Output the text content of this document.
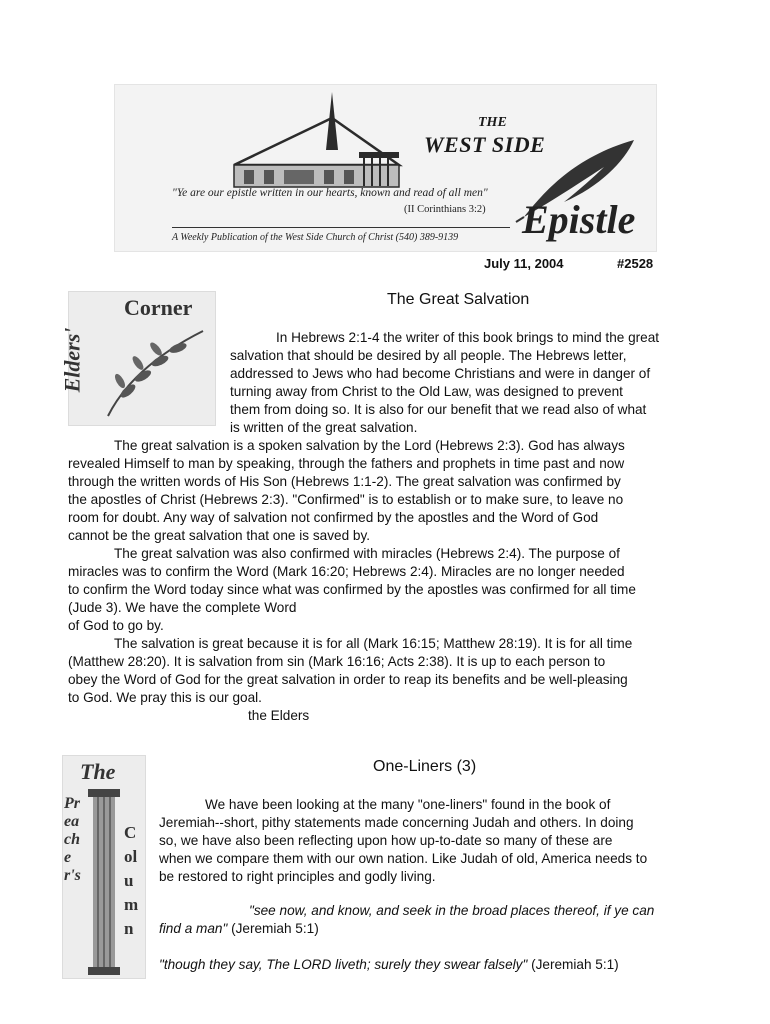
THE
WEST SIDE
"Ye are our epistle written in our hearts, known and read of all men"
(II Corinthians 3:2)
A Weekly Publication of the West Side Church of Christ (540) 389-9139 Epistle
July 11, 2004	#2528
Corner
Elders'
The Great Salvation
In Hebrews 2:1-4 the writer of this book brings to mind the great
salvation that should be desired by all people. The Hebrews letter,
addressed to Jews who had become Christians and were in danger of
turning away from Christ to the Old Law, was designed to prevent
them from doing so. It is also for our benefit that we read also of what
is written of the great salvation.
The great salvation is a spoken salvation by the Lord (Hebrews 2:3). God has always
revealed Himself to man by speaking, through the fathers and prophets in time past and now
through the written words of His Son (Hebrews 1:1-2). The great salvation was confirmed by
the apostles of Christ (Hebrews 2:3). "Confirmed" is to establish or to make sure, to leave no
room for doubt. Any way of salvation not confirmed by the apostles and the Word of God
cannot be the great salvation that one is saved by.
The great salvation was also confirmed with miracles (Hebrews 2:4). The purpose of
miracles was to confirm the Word (Mark 16:20; Hebrews 2:4). Miracles are no longer needed
to confirm the Word today since what was confirmed by the apostles was confirmed for all time
(Jude 3). We have the complete Word
of God to go by.
The salvation is great because it is for all (Mark 16:15; Matthew 28:19). It is for all time
(Matthew 28:20). It is salvation from sin (Mark 16:16; Acts 2:38). It is up to each person to
obey the Word of God for the great salvation in order to reap its benefits and be well-pleasing
to God. We pray this is our goal.
the Elders
The
Preacher's
Column
One-Liners (3)
We have been looking at the many "one-liners" found in the book of
Jeremiah--short, pithy statements made concerning Judah and others. In doing
so, we have also been reflecting upon how up-to-date so many of these are
when we compare them with our own nation. Like Judah of old, America needs to
be restored to right principles and godly living.
"see now, and know, and seek in the broad places thereof, if ye can
find a man" (Jeremiah 5:1)
"though they say, The LORD liveth; surely they swear falsely" (Jeremiah 5:1)
